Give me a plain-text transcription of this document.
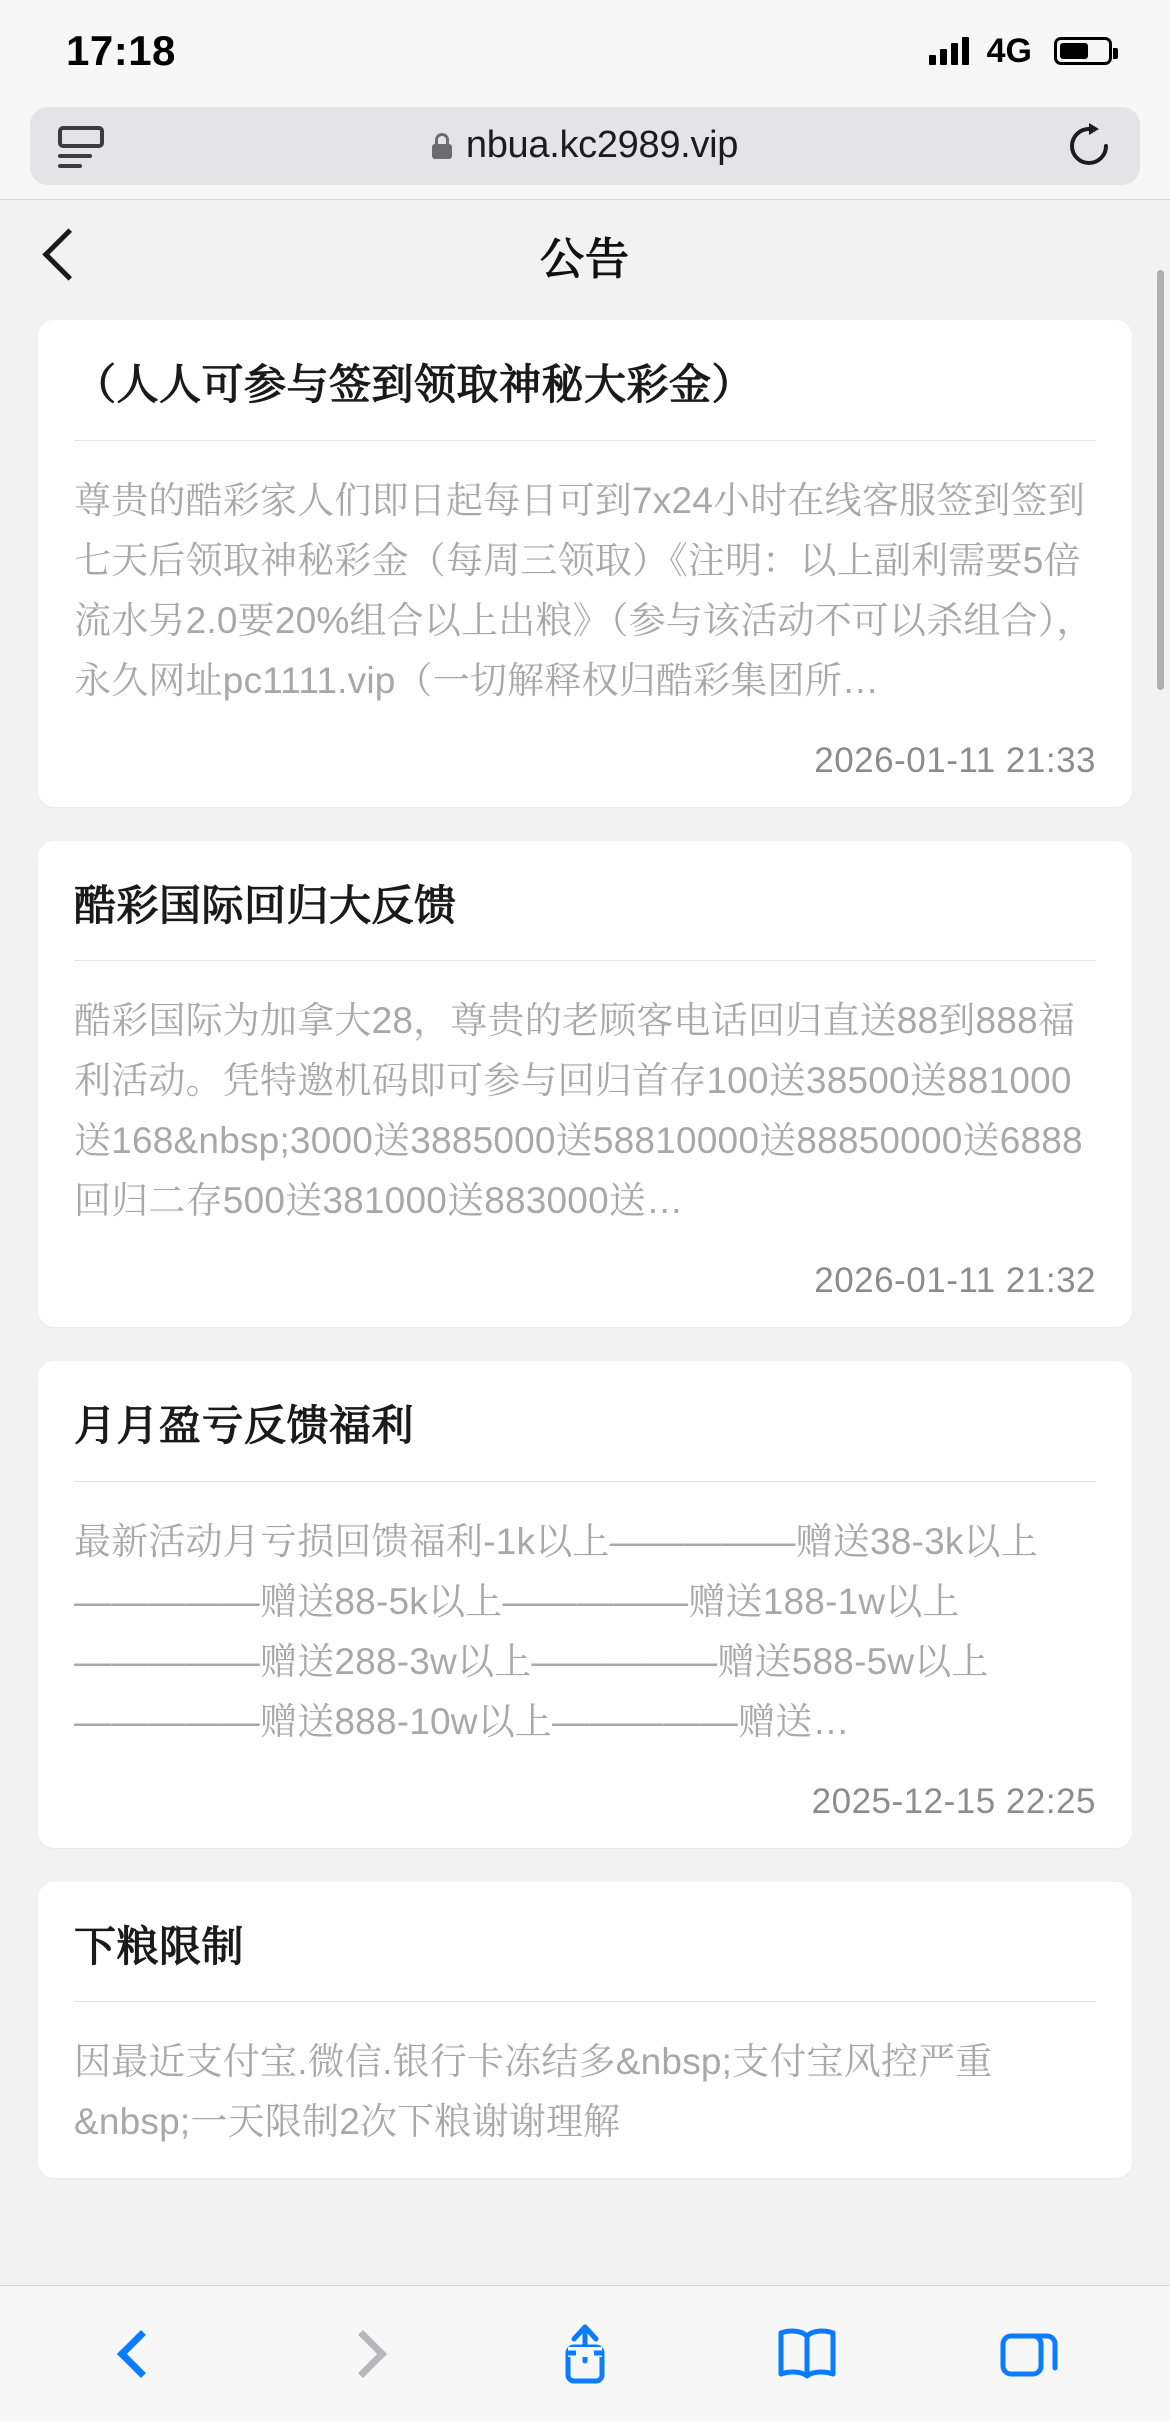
17:18	4G
nbua.kc2989.vip
公告
（人人可参与签到领取神秘大彩金）
尊贵的酷彩家人们即日起每日可到7x24小时在线客服签到签到七天后领取神秘彩金（每周三领取）《注明：以上副利需要5倍流水另2.0要20%组合以上出粮》（参与该活动不可以杀组合），永久网址pc1111.vip（一切解释权归酷彩集团所…
2026-01-11 21:33
酷彩国际回归大反馈
酷彩国际为加拿大28，尊贵的老顾客电话回归直送88到888福利活动。凭特邀机码即可参与回归首存100送38500送881000送168&nbsp;3000送3885000送58810000送88850000送6888回归二存500送381000送883000送…
2026-01-11 21:32
月月盈亏反馈福利
最新活动月亏损回馈福利-1k以上—————赠送38-3k以上—————赠送88-5k以上—————赠送188-1w以上—————赠送288-3w以上—————赠送588-5w以上—————赠送888-10w以上—————赠送…
2025-12-15 22:25
下粮限制
因最近支付宝.微信.银行卡冻结多&nbsp;支付宝风控严重&nbsp;一天限制2次下粮谢谢理解
